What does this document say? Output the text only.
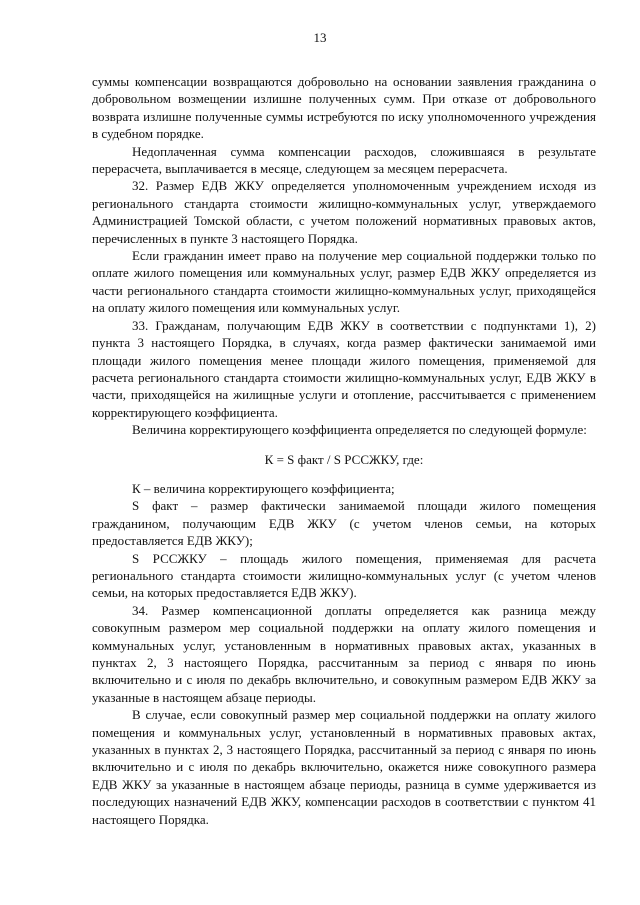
13

суммы компенсации возвращаются добровольно на основании заявления гражданина о добровольном возмещении излишне полученных сумм. При отказе от добровольного возврата излишне полученные суммы истребуются по иску уполномоченного учреждения в судебном порядке.

Недоплаченная сумма компенсации расходов, сложившаяся в результате перерасчета, выплачивается в месяце, следующем за месяцем перерасчета.

32. Размер ЕДВ ЖКУ определяется уполномоченным учреждением исходя из регионального стандарта стоимости жилищно-коммунальных услуг, утверждаемого Администрацией Томской области, с учетом положений нормативных правовых актов, перечисленных в пункте 3 настоящего Порядка.

Если гражданин имеет право на получение мер социальной поддержки только по оплате жилого помещения или коммунальных услуг, размер ЕДВ ЖКУ определяется из части регионального стандарта стоимости жилищно-коммунальных услуг, приходящейся на оплату жилого помещения или коммунальных услуг.

33. Гражданам, получающим ЕДВ ЖКУ в соответствии с подпунктами 1), 2) пункта 3 настоящего Порядка, в случаях, когда размер фактически занимаемой ими площади жилого помещения менее площади жилого помещения, применяемой для расчета регионального стандарта стоимости жилищно-коммунальных услуг, ЕДВ ЖКУ в части, приходящейся на жилищные услуги и отопление, рассчитывается с применением корректирующего коэффициента.

Величина корректирующего коэффициента определяется по следующей формуле:

К = S факт / S РССЖКУ, где:

К – величина корректирующего коэффициента;

S факт – размер фактически занимаемой площади жилого помещения гражданином, получающим ЕДВ ЖКУ (с учетом членов семьи, на которых предоставляется ЕДВ ЖКУ);

S РССЖКУ – площадь жилого помещения, применяемая для расчета регионального стандарта стоимости жилищно-коммунальных услуг (с учетом членов семьи, на которых предоставляется ЕДВ ЖКУ).

34. Размер компенсационной доплаты определяется как разница между совокупным размером мер социальной поддержки на оплату жилого помещения и коммунальных услуг, установленным в нормативных правовых актах, указанных в пунктах 2, 3 настоящего Порядка, рассчитанным за период с января по июнь включительно и с июля по декабрь включительно, и совокупным размером ЕДВ ЖКУ за указанные в настоящем абзаце периоды.

В случае, если совокупный размер мер социальной поддержки на оплату жилого помещения и коммунальных услуг, установленный в нормативных правовых актах, указанных в пунктах 2, 3 настоящего Порядка, рассчитанный за период с января по июнь включительно и с июля по декабрь включительно, окажется ниже совокупного размера ЕДВ ЖКУ за указанные в настоящем абзаце периоды, разница в сумме удерживается из последующих назначений ЕДВ ЖКУ, компенсации расходов в соответствии с пунктом 41 настоящего Порядка.
